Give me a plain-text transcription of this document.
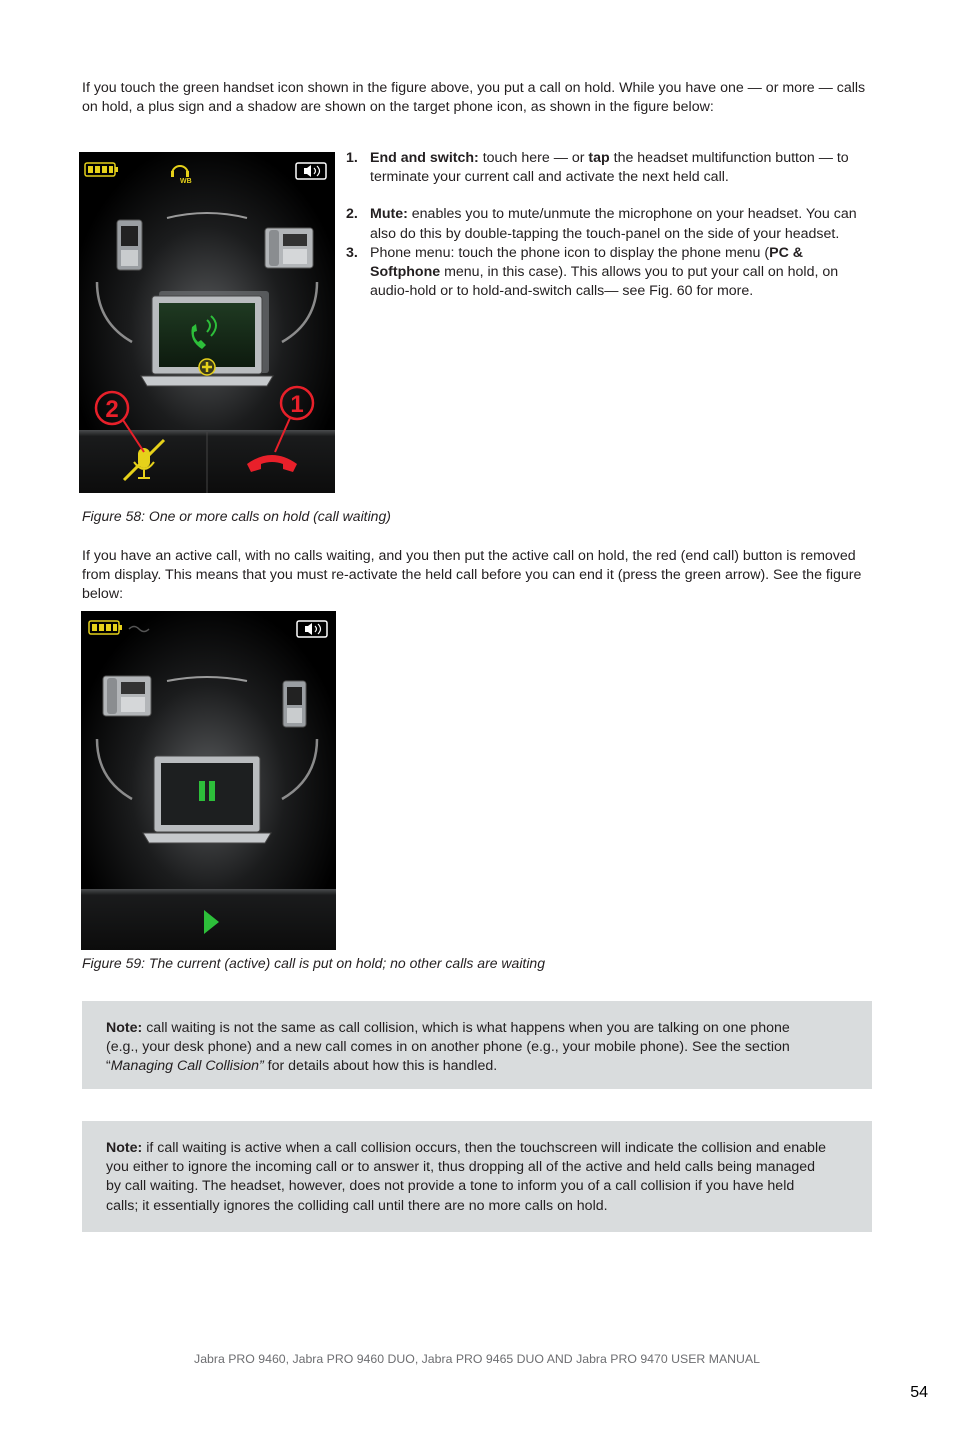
If you touch the green handset icon shown in the figure above, you put a call on hold. While you have one — or more — calls on hold, a plus sign and a shadow are shown on the target phone icon, as shown in the figure below:

WB
2	1
1. End and switch: touch here — or tap the headset multifunction button — to terminate your current call and activate the next held call.
2. Mute: enables you to mute/unmute the microphone on your headset. You can also do this by double-tapping the touch-panel on the side of your headset.
3. Phone menu: touch the phone icon to display the phone menu (PC & Softphone menu, in this case). This allows you to put your call on hold, on audio-hold or to hold-and-switch calls— see Fig. 60 for more.
Figure 58: One or more calls on hold (call waiting)

If you have an active call, with no calls waiting, and you then put the active call on hold, the red (end call) button is removed from display. This means that you must re-activate the held call before you can end it (press the green arrow). See the figure below:

Figure 59: The current (active) call is put on hold; no other calls are waiting
Note: call waiting is not the same as call collision, which is what happens when you are talking on one phone (e.g., your desk phone) and a new call comes in on another phone (e.g., your mobile phone). See the section “Managing Call Collision” for details about how this is handled.
Note: if call waiting is active when a call collision occurs, then the touchscreen will indicate the collision and enable you either to ignore the incoming call or to answer it, thus dropping all of the active and held calls being managed by call waiting. The headset, however, does not provide a tone to inform you of a call collision if you have held calls; it essentially ignores the colliding call until there are no more calls on hold.
Jabra PRO 9460, Jabra PRO 9460 DUO, Jabra PRO 9465 DUO AND Jabra PRO 9470 USER MANUAL
54
